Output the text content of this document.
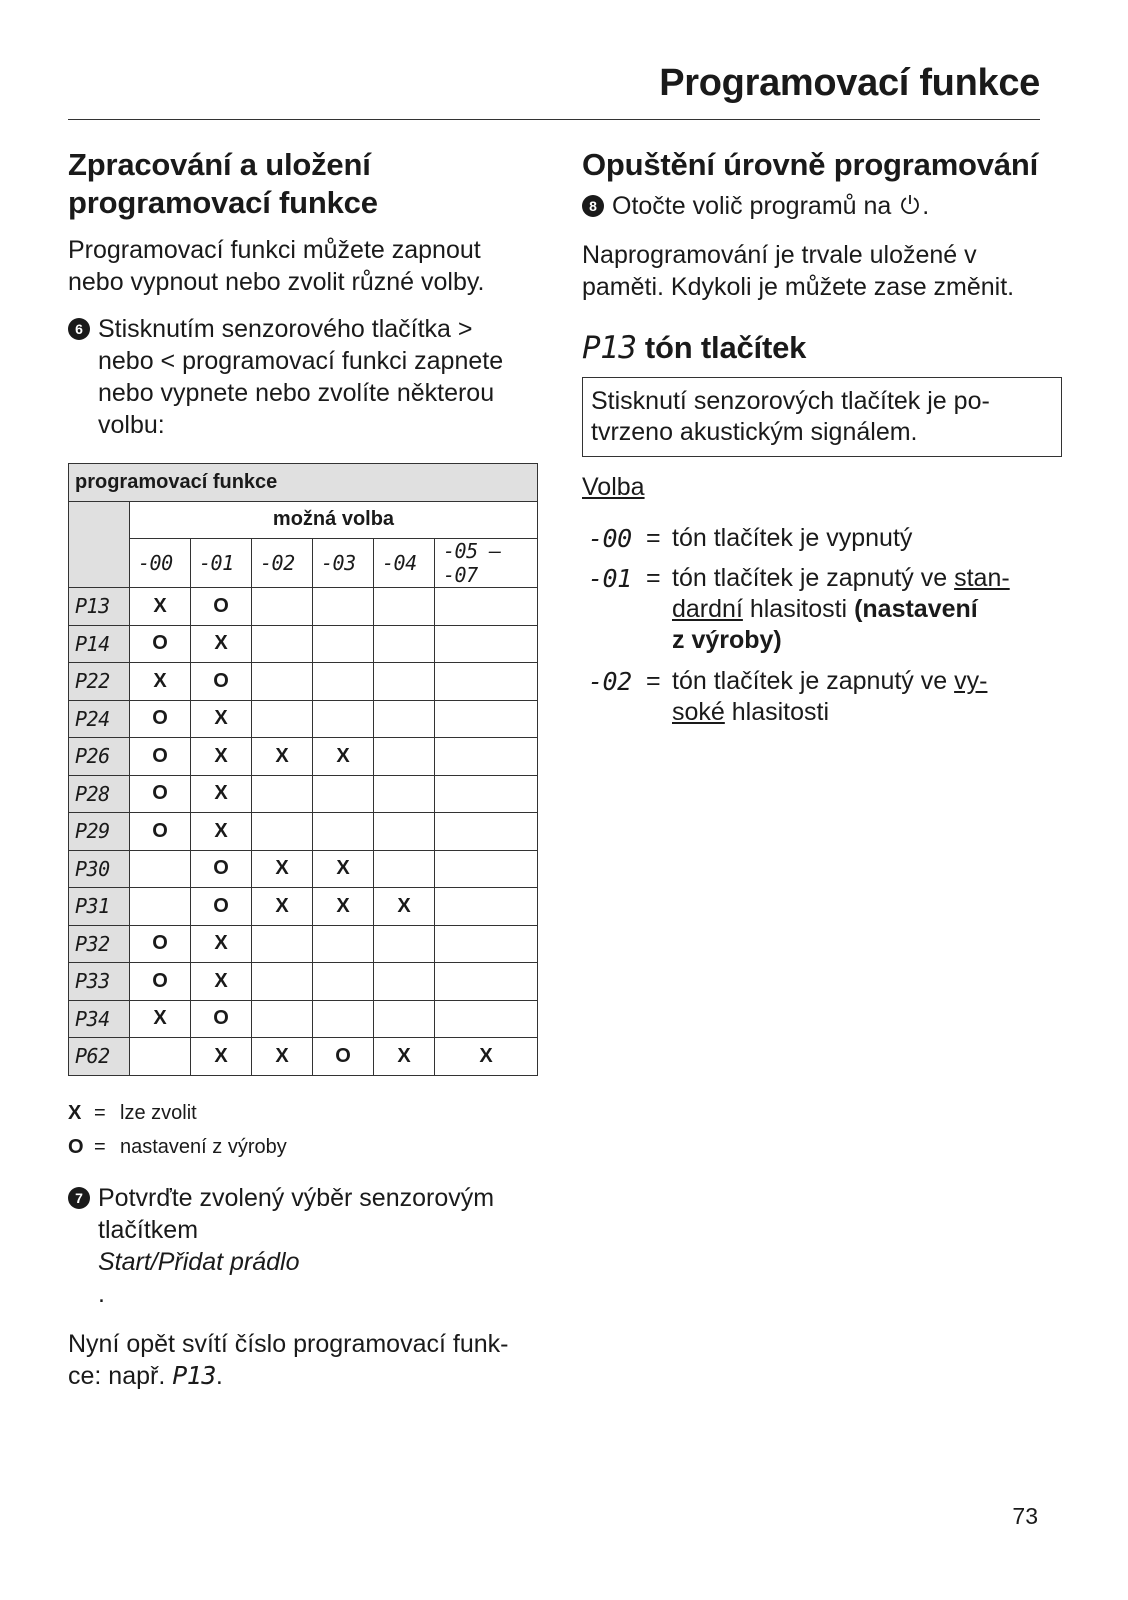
Programovací funkce
Zpracování a uložení
programovací funkce

Programovací funkci můžete zapnout
nebo vypnout nebo zvolit různé volby.

6 Stisknutím senzorového tlačítka >
nebo < programovací funkci zapnete
nebo vypnete nebo zvolíte některou
volbu:
programovací funkce						
	možná volba					
	-00	-01	-02	-03	-04	-05 – -07
P13	X	O				
P14	O	X				
P22	X	O				
P24	O	X				
P26	O	X	X	X		
P28	O	X				
P29	O	X				
P30		O	X	X		
P31		O	X	X	X	
P32	O	X				
P33	O	X				
P34	X	O				
P62		X	X	O	X	X
X = lze zvolit
O = nastavení z výroby
7 Potvrďte zvolený výběr senzorovým
tlačítkem
Start/Přidat prádlo
.

Nyní opět svítí číslo programovací funk-
ce: např. P13.

Opuštění úrovně programování
8 Otočte volič programů na .

Naprogramování je trvale uložené v
paměti. Kdykoli je můžete zase změnit.

P13 tón tlačítek
Stisknutí senzorových tlačítek je po-
tvrzeno akustickým signálem.

Volba

-00 = tón tlačítek je vypnutý
-01 = tón tlačítek je zapnutý ve stan-
dardní hlasitosti (nastavení
z výroby)
-02 = tón tlačítek je zapnutý ve vy-
soké hlasitosti

73
